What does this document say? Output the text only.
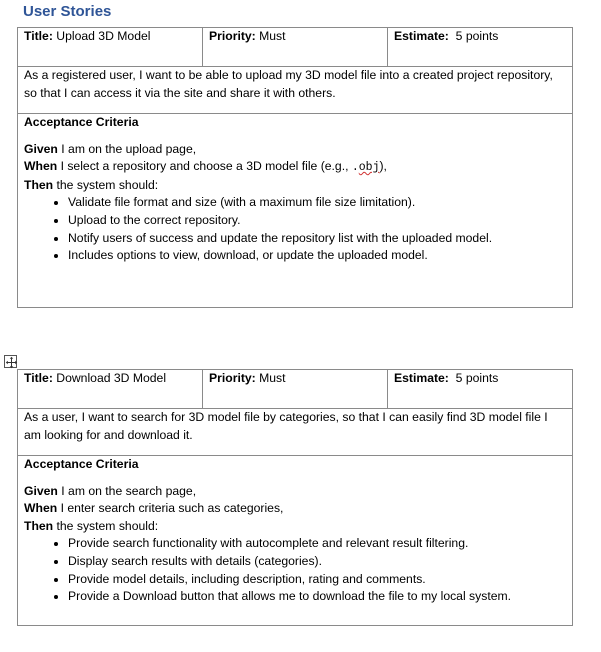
User Stories
Title: Upload 3D Model	Priority: Must	Estimate: 5 points
As a registered user, I want to be able to upload my 3D model file into a created project repository, so that I can access it via the site and share it with others.

Acceptance Criteria
Given I am on the upload page,
When I select a repository and choose a 3D model file (e.g., .obj),
Then the system should:
• Validate file format and size (with a maximum file size limitation).
• Upload to the correct repository.
• Notify users of success and update the repository list with the uploaded model.
• Includes options to view, download, or update the uploaded model.
Title: Download 3D Model	Priority: Must	Estimate: 5 points
As a user, I want to search for 3D model file by categories, so that I can easily find 3D model file I am looking for and download it.

Acceptance Criteria
Given I am on the search page,
When I enter search criteria such as categories,
Then the system should:
• Provide search functionality with autocomplete and relevant result filtering.
• Display search results with details (categories).
• Provide model details, including description, rating and comments.
• Provide a Download button that allows me to download the file to my local system.
